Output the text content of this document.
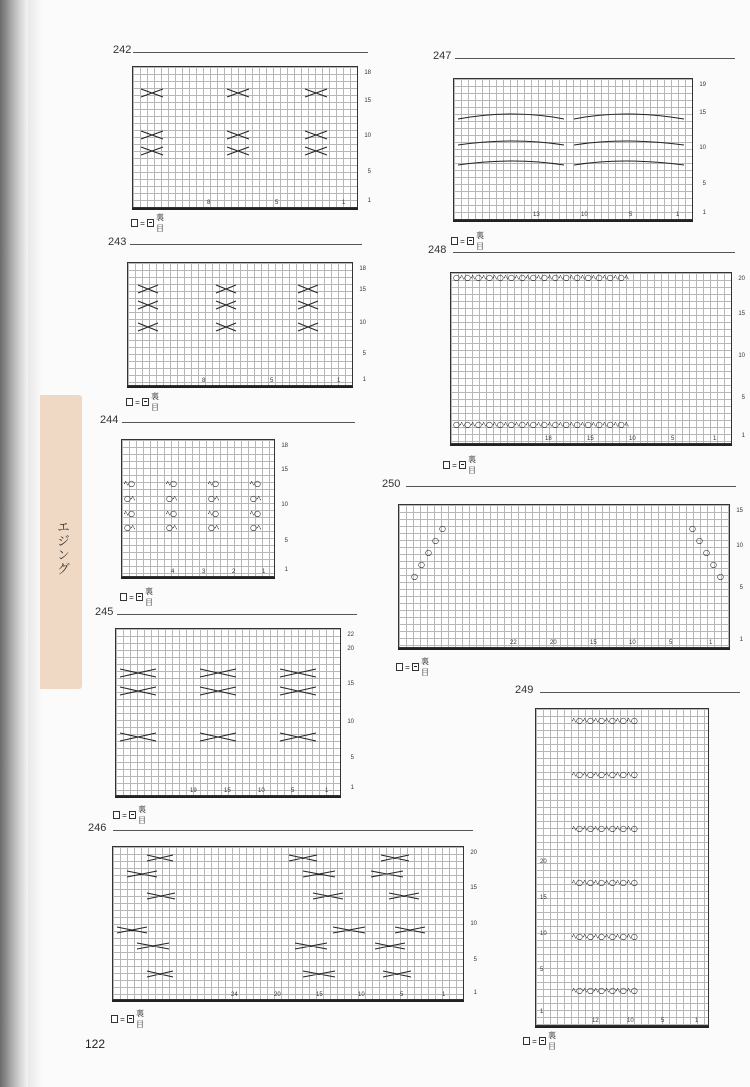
エジング
242
18
15
10
5
1
8	5	1
=
裏目
243
18
15
10
5
1
8	5	1
=
裏目
244
18
15
10
5
1
ﾍ○	ﾍ○	ﾍ○	ﾍ○
○ﾍ	○ﾍ	○ﾍ	○ﾍ
ﾍ○	ﾍ○	ﾍ○	ﾍ○
○ﾍ	○ﾍ	○ﾍ	○ﾍ
4	3	2	1
=
裏目
245
22
20
15
10
5
1
19	15	10	5	1
=
裏目
246
20
15
10
5
1
24	20	15	10	5	1
=
裏目
247
19
15
10
5
1
13	10	5	1
=
裏目
248
20
15
10
5
1
○ﾍ○ﾍ○ﾍ○ﾍ○ﾍ○ﾍ○ﾍ○ﾍ○ﾍ○ﾍ○ﾍ○ﾍ○ﾍ○ﾍ○ﾍ○ﾍ
○ﾍ○ﾍ○ﾍ○ﾍ○ﾍ○ﾍ○ﾍ○ﾍ○ﾍ○ﾍ○ﾍ○ﾍ○ﾍ○ﾍ○ﾍ○ﾍ
18	15	10	5	1
=
裏目
250
15
10
5
1
○
○
○
○
○
○
○
○
○
○
22	20	15	10	5	1
=
裏目
249
20
15
10
5
1
ﾍ○ﾍ○ﾍ○ﾍ○ﾍ○ﾍ○
ﾍ○ﾍ○ﾍ○ﾍ○ﾍ○ﾍ○
ﾍ○ﾍ○ﾍ○ﾍ○ﾍ○ﾍ○
ﾍ○ﾍ○ﾍ○ﾍ○ﾍ○ﾍ○
ﾍ○ﾍ○ﾍ○ﾍ○ﾍ○ﾍ○
ﾍ○ﾍ○ﾍ○ﾍ○ﾍ○ﾍ○
12	10	5	1
=
裏目
122
